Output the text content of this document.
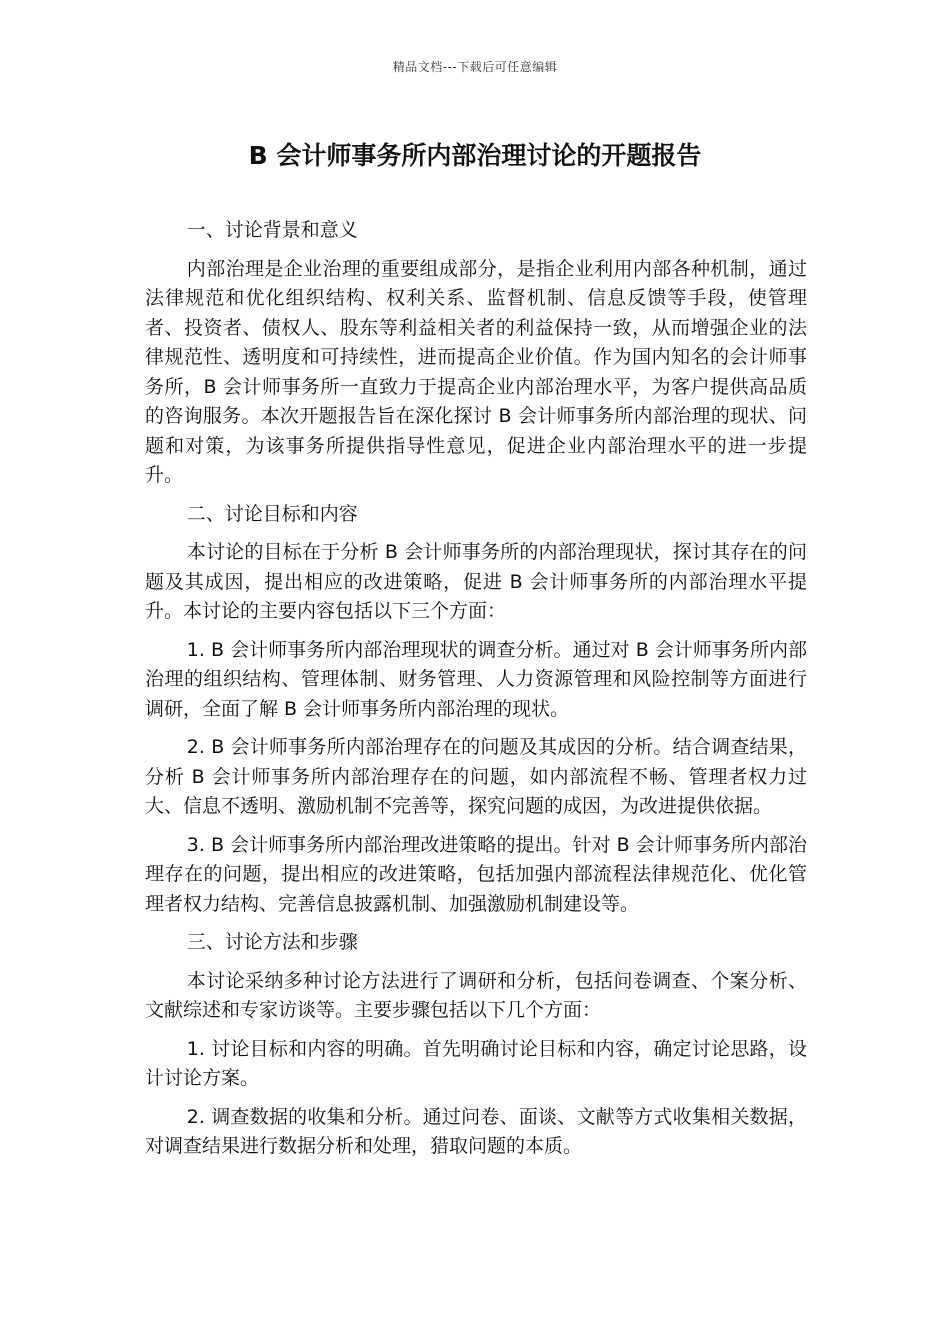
精品文档---下载后可任意编辑
B 会计师事务所内部治理讨论的开题报告

一、讨论背景和意义

内部治理是企业治理的重要组成部分，是指企业利用内部各种机制，通过法律规范和优化组织结构、权利关系、监督机制、信息反馈等手段，使管理者、投资者、债权人、股东等利益相关者的利益保持一致，从而增强企业的法律规范性、透明度和可持续性，进而提高企业价值。作为国内知名的会计师事务所，B 会计师事务所一直致力于提高企业内部治理水平，为客户提供高品质的咨询服务。本次开题报告旨在深化探讨 B 会计师事务所内部治理的现状、问题和对策，为该事务所提供指导性意见，促进企业内部治理水平的进一步提升。

二、讨论目标和内容

本讨论的目标在于分析 B 会计师事务所的内部治理现状，探讨其存在的问题及其成因，提出相应的改进策略，促进 B 会计师事务所的内部治理水平提升。本讨论的主要内容包括以下三个方面：

1. B 会计师事务所内部治理现状的调查分析。通过对 B 会计师事务所内部治理的组织结构、管理体制、财务管理、人力资源管理和风险控制等方面进行调研，全面了解 B 会计师事务所内部治理的现状。

2. B 会计师事务所内部治理存在的问题及其成因的分析。结合调查结果，分析 B 会计师事务所内部治理存在的问题，如内部流程不畅、管理者权力过大、信息不透明、激励机制不完善等，探究问题的成因，为改进提供依据。

3. B 会计师事务所内部治理改进策略的提出。针对 B 会计师事务所内部治理存在的问题，提出相应的改进策略，包括加强内部流程法律规范化、优化管理者权力结构、完善信息披露机制、加强激励机制建设等。

三、讨论方法和步骤

本讨论采纳多种讨论方法进行了调研和分析，包括问卷调查、个案分析、文献综述和专家访谈等。主要步骤包括以下几个方面：

1. 讨论目标和内容的明确。首先明确讨论目标和内容，确定讨论思路，设计讨论方案。

2. 调查数据的收集和分析。通过问卷、面谈、文献等方式收集相关数据，对调查结果进行数据分析和处理，猎取问题的本质。
